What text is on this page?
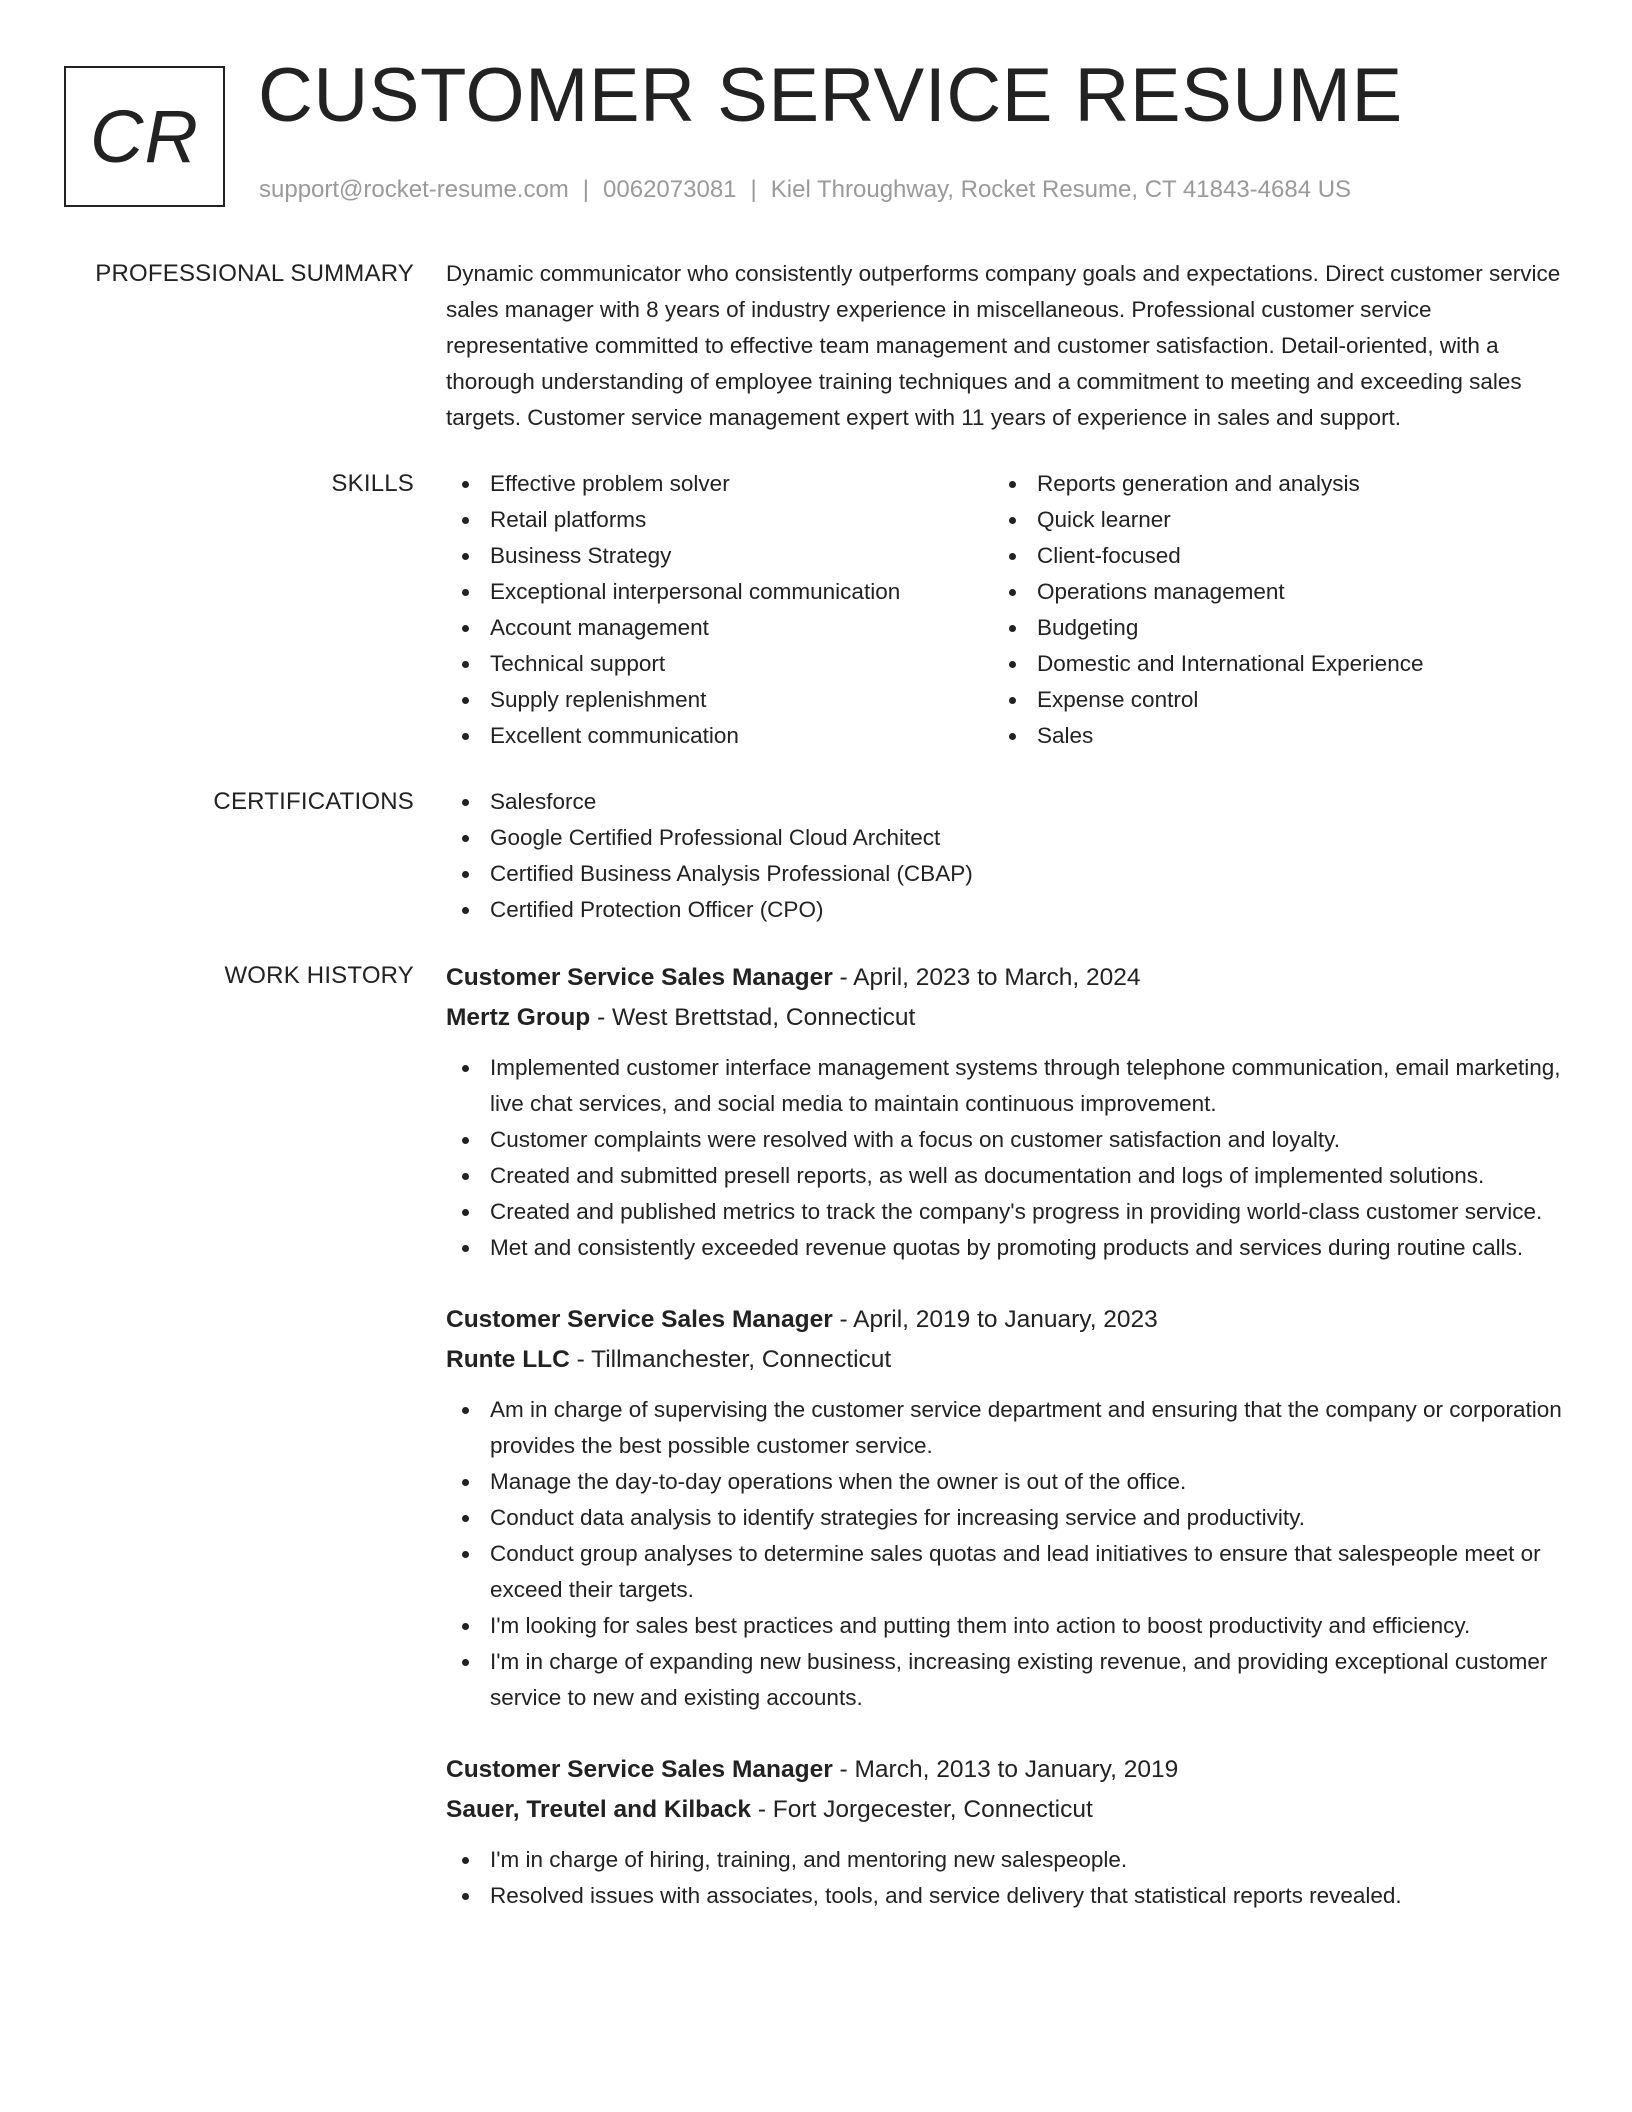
CR CUSTOMER SERVICE RESUME
support@rocket-resume.com | 0062073081 | Kiel Throughway, Rocket Resume, CT 41843-4684 US
PROFESSIONAL SUMMARY Dynamic communicator who consistently outperforms company goals and expectations. Direct customer service sales manager with 8 years of industry experience in miscellaneous. Professional customer service representative committed to effective team management and customer satisfaction. Detail-oriented, with a thorough understanding of employee training techniques and a commitment to meeting and exceeding sales targets. Customer service management expert with 11 years of experience in sales and support.

SKILLS	Effective problem solver
Retail platforms
Business Strategy
Exceptional interpersonal communication
Account management
Technical support
Supply replenishment
Excellent communication
Reports generation and analysis
Quick learner
Client-focused
Operations management
Budgeting
Domestic and International Experience
Expense control
Sales
CERTIFICATIONS	Salesforce
Google Certified Professional Cloud Architect
Certified Business Analysis Professional (CBAP)
Certified Protection Officer (CPO)
WORK HISTORY Customer Service Sales Manager - April, 2023 to March, 2024
Mertz Group - West Brettstad, Connecticut
Implemented customer interface management systems through telephone communication, email marketing, live chat services, and social media to maintain continuous improvement.
Customer complaints were resolved with a focus on customer satisfaction and loyalty.
Created and submitted presell reports, as well as documentation and logs of implemented solutions.
Created and published metrics to track the company's progress in providing world-class customer service.
Met and consistently exceeded revenue quotas by promoting products and services during routine calls.
Customer Service Sales Manager - April, 2019 to January, 2023
Runte LLC - Tillmanchester, Connecticut
Am in charge of supervising the customer service department and ensuring that the company or corporation provides the best possible customer service.
Manage the day-to-day operations when the owner is out of the office.
Conduct data analysis to identify strategies for increasing service and productivity.
Conduct group analyses to determine sales quotas and lead initiatives to ensure that salespeople meet or exceed their targets.
I'm looking for sales best practices and putting them into action to boost productivity and efficiency.
I'm in charge of expanding new business, increasing existing revenue, and providing exceptional customer service to new and existing accounts.
Customer Service Sales Manager - March, 2013 to January, 2019
Sauer, Treutel and Kilback - Fort Jorgecester, Connecticut
I'm in charge of hiring, training, and mentoring new salespeople.
Resolved issues with associates, tools, and service delivery that statistical reports revealed.
